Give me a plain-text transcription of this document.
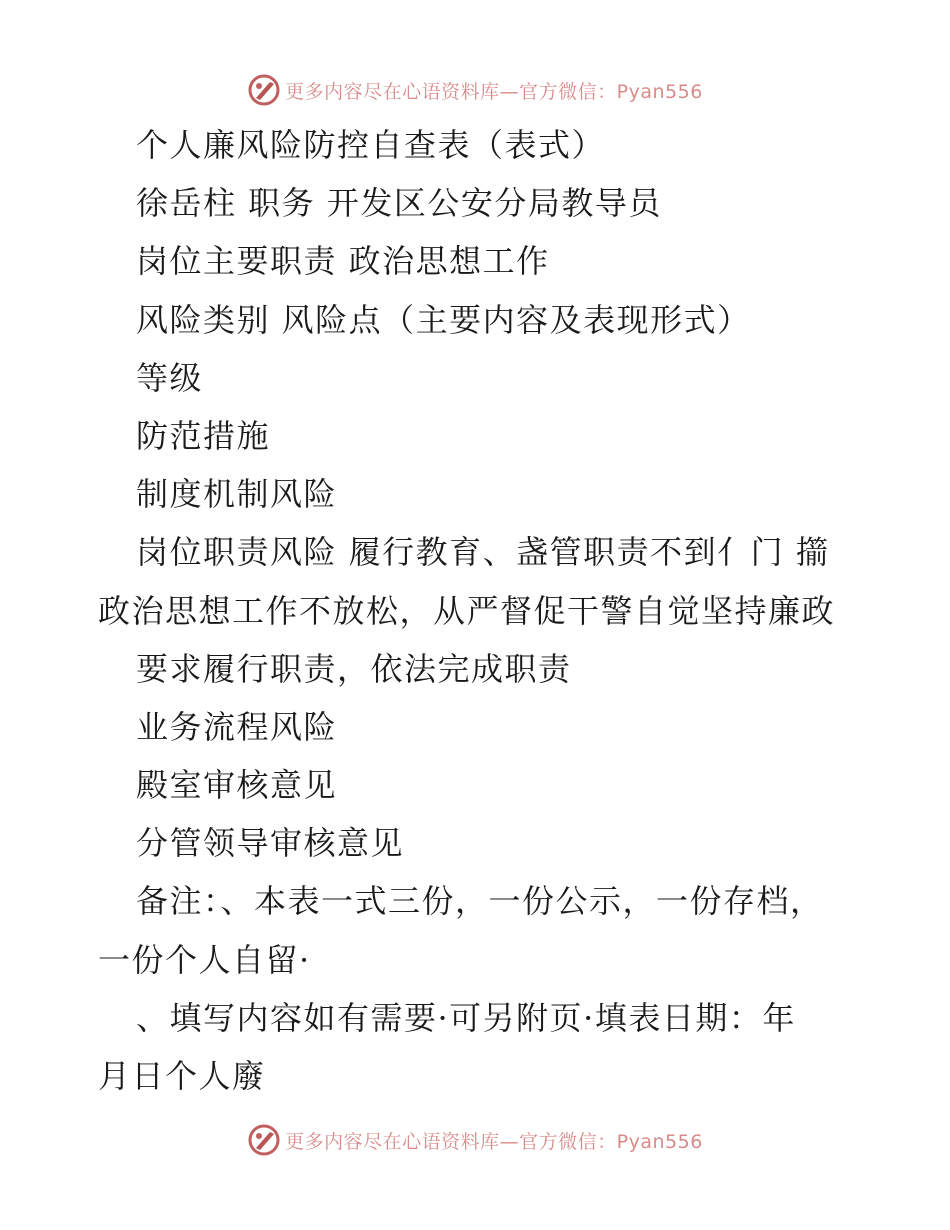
更多内容尽在心语资料库—官方微信：Pyan556
个人廉风险防控自查表（表式）
徐岳柱 职务 开发区公安分局教导员
岗位主要职责 政治思想工作
风险类别 风险点（主要内容及表现形式）
等级
防范措施
制度机制风险
岗位职责风险 履行教育、盏管职责不到亻门 擶
政治思想工作不放松，从严督促干警自觉坚持廉政
要求履行职责，依法完成职责
业务流程风险
殿室审核意见
分管领导审核意见
备注：、本表一式三份，一份公示，一份存档，
一份个人自留·
、填写内容如有需要·可另附页·填表日期：年
月日个人廢
更多内容尽在心语资料库—官方微信：Pyan556
